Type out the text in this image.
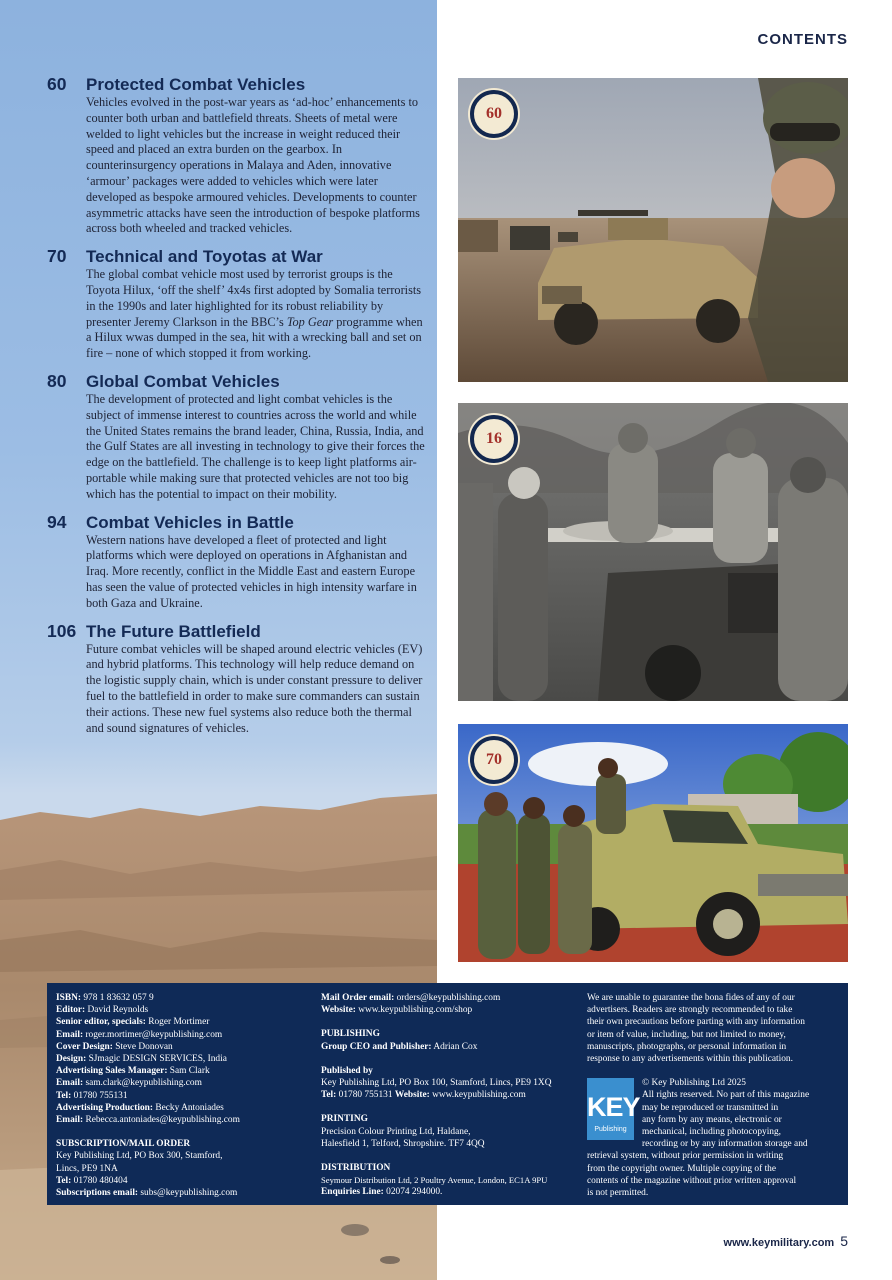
CONTENTS
60	Protected Combat Vehicles

Vehicles evolved in the post-war years as ‘ad-hoc’ enhancements to counter both urban and battlefield threats. Sheets of metal were welded to light vehicles but the increase in weight reduced their speed and placed an extra burden on the gearbox. In counterinsurgency operations in Malaya and Aden, innovative ‘armour’ packages were added to vehicles which were later developed as bespoke armoured vehicles. Developments to counter asymmetric attacks have seen the introduction of bespoke platforms across both wheeled and tracked vehicles.

70	Technical and Toyotas at War

The global combat vehicle most used by terrorist groups is the Toyota Hilux, ‘off the shelf’ 4x4s first adopted by Somalia terrorists in the 1990s and later highlighted for its robust reliability by presenter Jeremy Clarkson in the BBC’s Top Gear programme when a Hilux wwas dumped in the sea, hit with a wrecking ball and set on fire – none of which stopped it from working.

80	Global Combat Vehicles

The development of protected and light combat vehicles is the subject of immense interest to countries across the world and while the United States remains the brand leader, China, Russia, India, and the Gulf States are all investing in technology to give their forces the edge on the battlefield. The challenge is to keep light platforms air-portable while making sure that protected vehicles are not too big which has the potential to impact on their mobility.

94	Combat Vehicles in Battle

Western nations have developed a fleet of protected and light platforms which were deployed on operations in Afghanistan and Iraq. More recently, conflict in the Middle East and eastern Europe has seen the value of protected vehicles in high intensity warfare in both Gaza and Ukraine.

106 The Future Battlefield

Future combat vehicles will be shaped around electric vehicles (EV) and hybrid platforms. This technology will help reduce demand on the logistic supply chain, which is under constant pressure to deliver fuel to the battlefield in order to make sure commanders can sustain their actions. These new fuel systems also reduce both the thermal and sound signatures of vehicles.

60
16
70
ISBN: 978 1 83632 057 9
Editor: David Reynolds
Senior editor, specials: Roger Mortimer
Email: roger.mortimer@keypublishing.com
Cover Design: Steve Donovan
Design: SJmagic DESIGN SERVICES, India
Advertising Sales Manager: Sam Clark
Email: sam.clark@keypublishing.com
Tel: 01780 755131
Advertising Production: Becky Antoniades
Email: Rebecca.antoniades@keypublishing.com
SUBSCRIPTION/MAIL ORDER
Key Publishing Ltd, PO Box 300, Stamford,
Lincs, PE9 1NA
Tel: 01780 480404
Subscriptions email: subs@keypublishing.com
Mail Order email: orders@keypublishing.com
Website: www.keypublishing.com/shop
PUBLISHING
Group CEO and Publisher: Adrian Cox
Published by
Key Publishing Ltd, PO Box 100, Stamford, Lincs, PE9 1XQ
Tel: 01780 755131 Website: www.keypublishing.com
PRINTING
Precision Colour Printing Ltd, Haldane,
Halesfield 1, Telford, Shropshire. TF7 4QQ
DISTRIBUTION
Seymour Distribution Ltd, 2 Poultry Avenue, London, EC1A 9PU
Enquiries Line: 02074 294000.
We are unable to guarantee the bona fides of any of our
advertisers. Readers are strongly recommended to take
their own precautions before parting with any information
or item of value, including, but not limited to money,
manuscripts, photographs, or personal information in
response to any advertisements within this publication.
© Key Publishing Ltd 2025
All rights reserved. No part of this magazine
may be reproduced or transmitted in
any form by any means, electronic or
mechanical, including photocopying,
recording or by any information storage and
retrieval system, without prior permission in writing
from the copyright owner. Multiple copying of the
contents of the magazine without prior written approval
is not permitted.
KEY
Publishing
www.keymilitary.com 5
